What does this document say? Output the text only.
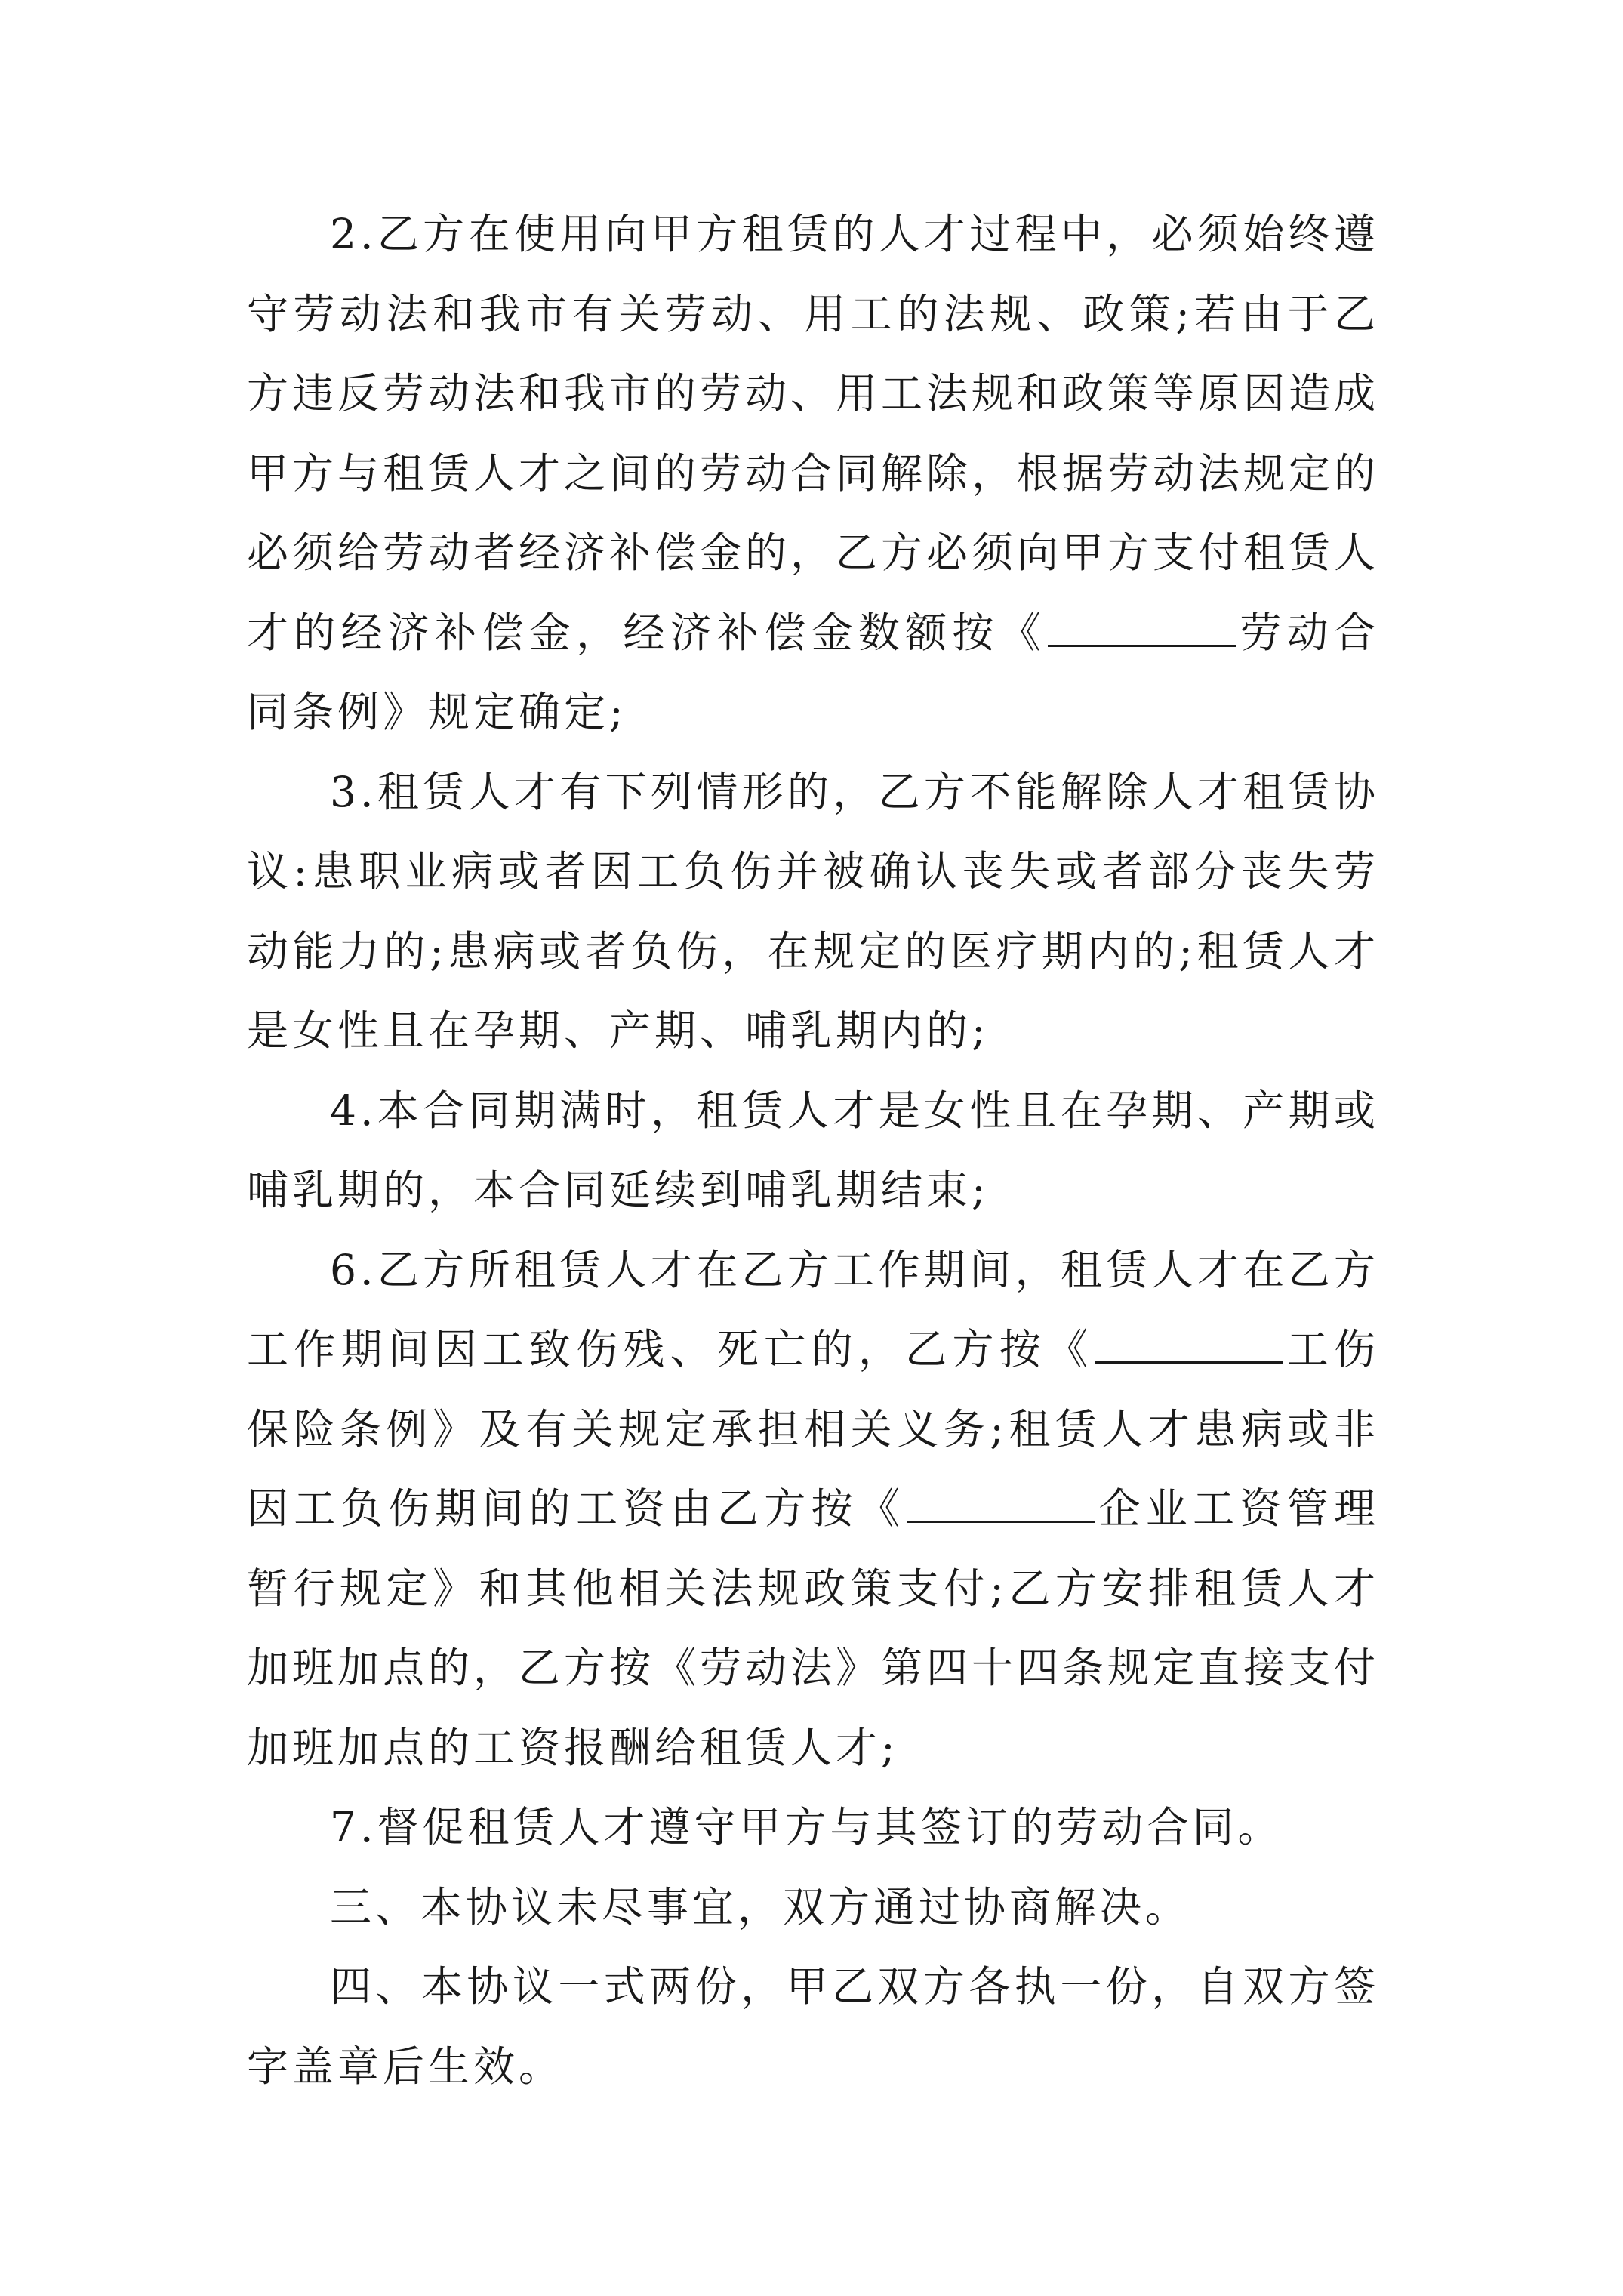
2.乙方在使用向甲方租赁的人才过程中，必须始终遵守劳动法和我市有关劳动、用工的法规、政策;若由于乙方违反劳动法和我市的劳动、用工法规和政策等原因造成甲方与租赁人才之间的劳动合同解除，根据劳动法规定的必须给劳动者经济补偿金的，乙方必须向甲方支付租赁人才的经济补偿金，经济补偿金数额按《	劳动合同条例》规定确定;

3.租赁人才有下列情形的，乙方不能解除人才租赁协议:患职业病或者因工负伤并被确认丧失或者部分丧失劳动能力的;患病或者负伤，在规定的医疗期内的;租赁人才是女性且在孕期、产期、哺乳期内的;

4.本合同期满时，租赁人才是女性且在孕期、产期或哺乳期的，本合同延续到哺乳期结束;

6.乙方所租赁人才在乙方工作期间，租赁人才在乙方工作期间因工致伤残、死亡的，乙方按《	工伤保险条例》及有关规定承担相关义务;租赁人才患病或非因工负伤期间的工资由乙方按《	企业工资管理暂行规定》和其他相关法规政策支付;乙方安排租赁人才加班加点的，乙方按《劳动法》第四十四条规定直接支付加班加点的工资报酬给租赁人才;

7.督促租赁人才遵守甲方与其签订的劳动合同。

三、本协议未尽事宜，双方通过协商解决。

四、本协议一式两份，甲乙双方各执一份，自双方签字盖章后生效。
